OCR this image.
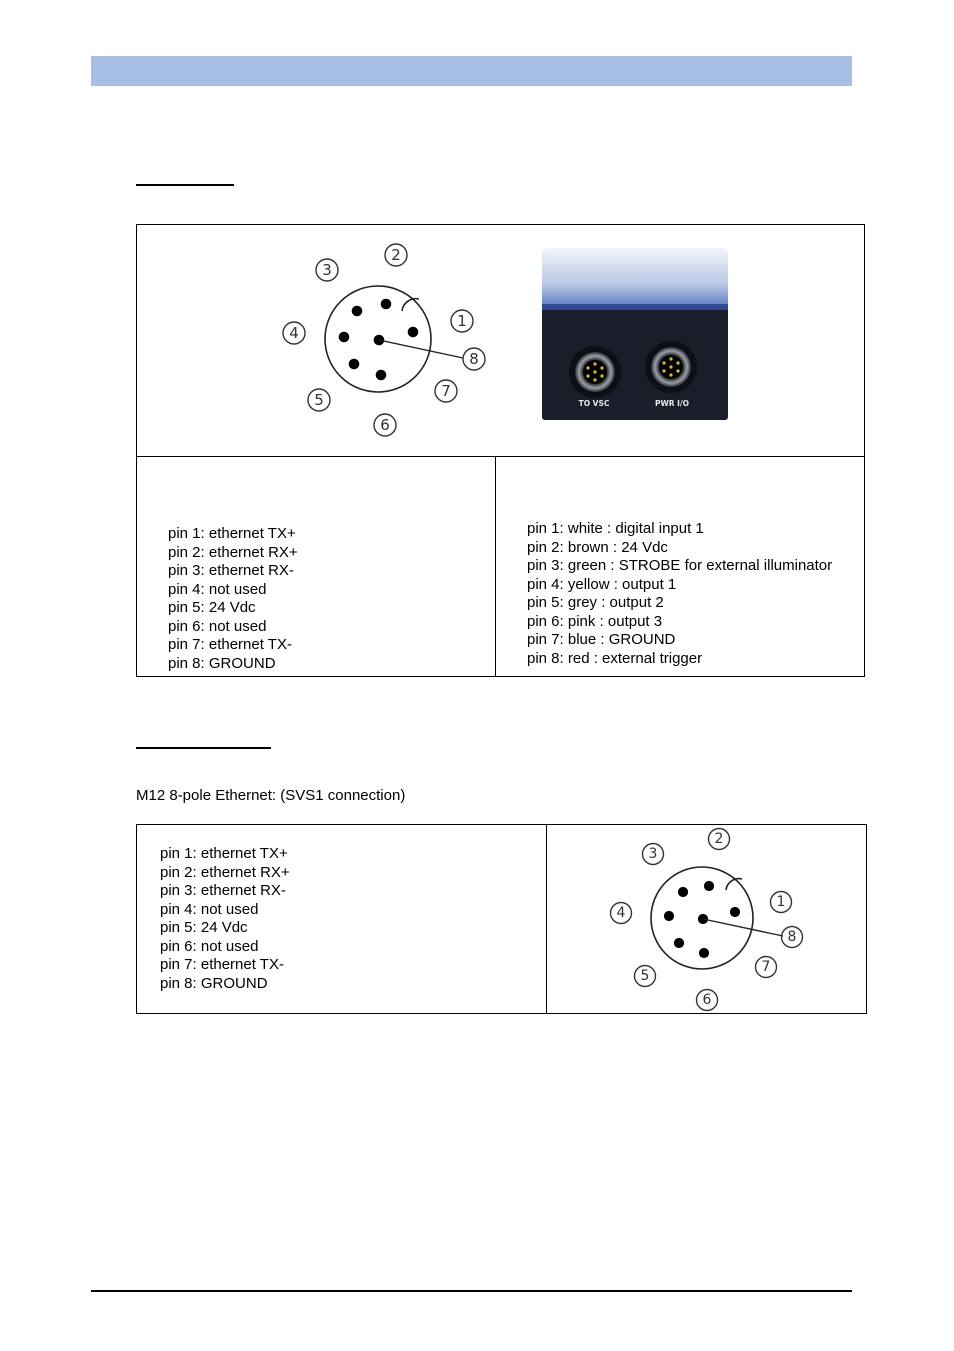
2
3
1
4
8
7
5
6
TO VSC	PWR I/O
pin 1: ethernet TX+
pin 2: ethernet RX+
pin 3: ethernet RX-
pin 4: not used
pin 5: 24 Vdc
pin 6: not used
pin 7: ethernet TX-
pin 8: GROUND
pin 1: white : digital input 1
pin 2: brown : 24 Vdc
pin 3: green : STROBE for external illuminator
pin 4: yellow : output 1
pin 5: grey : output 2
pin 6: pink : output 3
pin 7: blue : GROUND
pin 8: red : external trigger
M12 8-pole Ethernet: (SVS1 connection)
pin 1: ethernet TX+
pin 2: ethernet RX+
pin 3: ethernet RX-
pin 4: not used
pin 5: 24 Vdc
pin 6: not used
pin 7: ethernet TX-
pin 8: GROUND
2
3
1
4
8
7
5
6
